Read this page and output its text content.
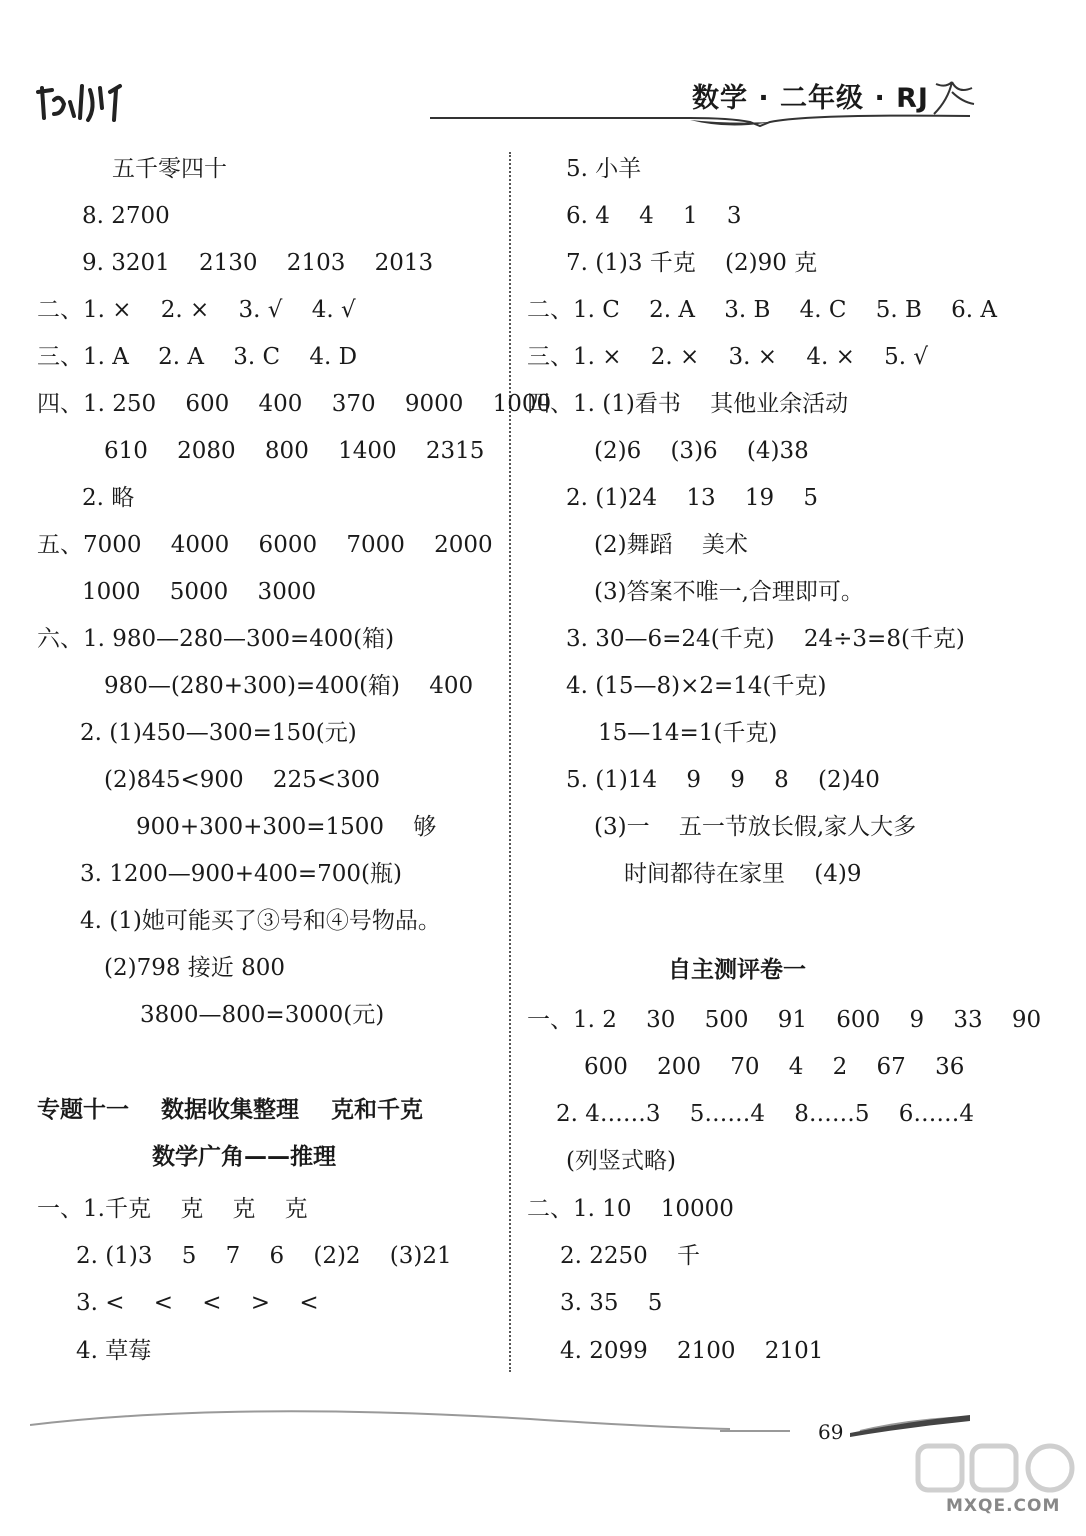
数学 · 二年级 · RJ
五千零四十
8. 2700
9. 3201    2130    2103    2013
二、1. ×    2. ×    3. √    4. √
三、1. A    2. A    3. C    4. D
四、1. 250    600    400    370    9000    1000
610    2080    800    1400    2315
2. 略
五、7000    4000    6000    7000    2000
1000    5000    3000
六、1. 980—280—300=400(箱)
980—(280+300)=400(箱)    400
2. (1)450—300=150(元)
(2)845<900    225<300
900+300+300=1500    够
3. 1200—900+400=700(瓶)
4. (1)她可能买了③号和④号物品。
(2)798 接近 800
3800—800=3000(元)
专题十一    数据收集整理    克和千克
数学广角——推理
一、1.千克    克    克    克
2. (1)3    5    7    6    (2)2    (3)21
3. <    <    <    >    <
4. 草莓
5. 小羊
6. 4    4    1    3
7. (1)3 千克    (2)90 克
二、1. C    2. A    3. B    4. C    5. B    6. A
三、1. ×    2. ×    3. ×    4. ×    5. √
四、1. (1)看书    其他业余活动
(2)6    (3)6    (4)38
2. (1)24    13    19    5
(2)舞蹈    美术
(3)答案不唯一,合理即可。
3. 30—6=24(千克)    24÷3=8(千克)
4. (15—8)×2=14(千克)
15—14=1(千克)
5. (1)14    9    9    8    (2)40
(3)一    五一节放长假,家人大多
时间都待在家里    (4)9
自主测评卷一
一、1. 2    30    500    91    600    9    33    90
600    200    70    4    2    67    36
2. 4……3    5……4    8……5    6……4
(列竖式略)
二、1. 10    10000
2. 2250    千
3. 35    5
4. 2099    2100    2101
69
MXQE.COM
